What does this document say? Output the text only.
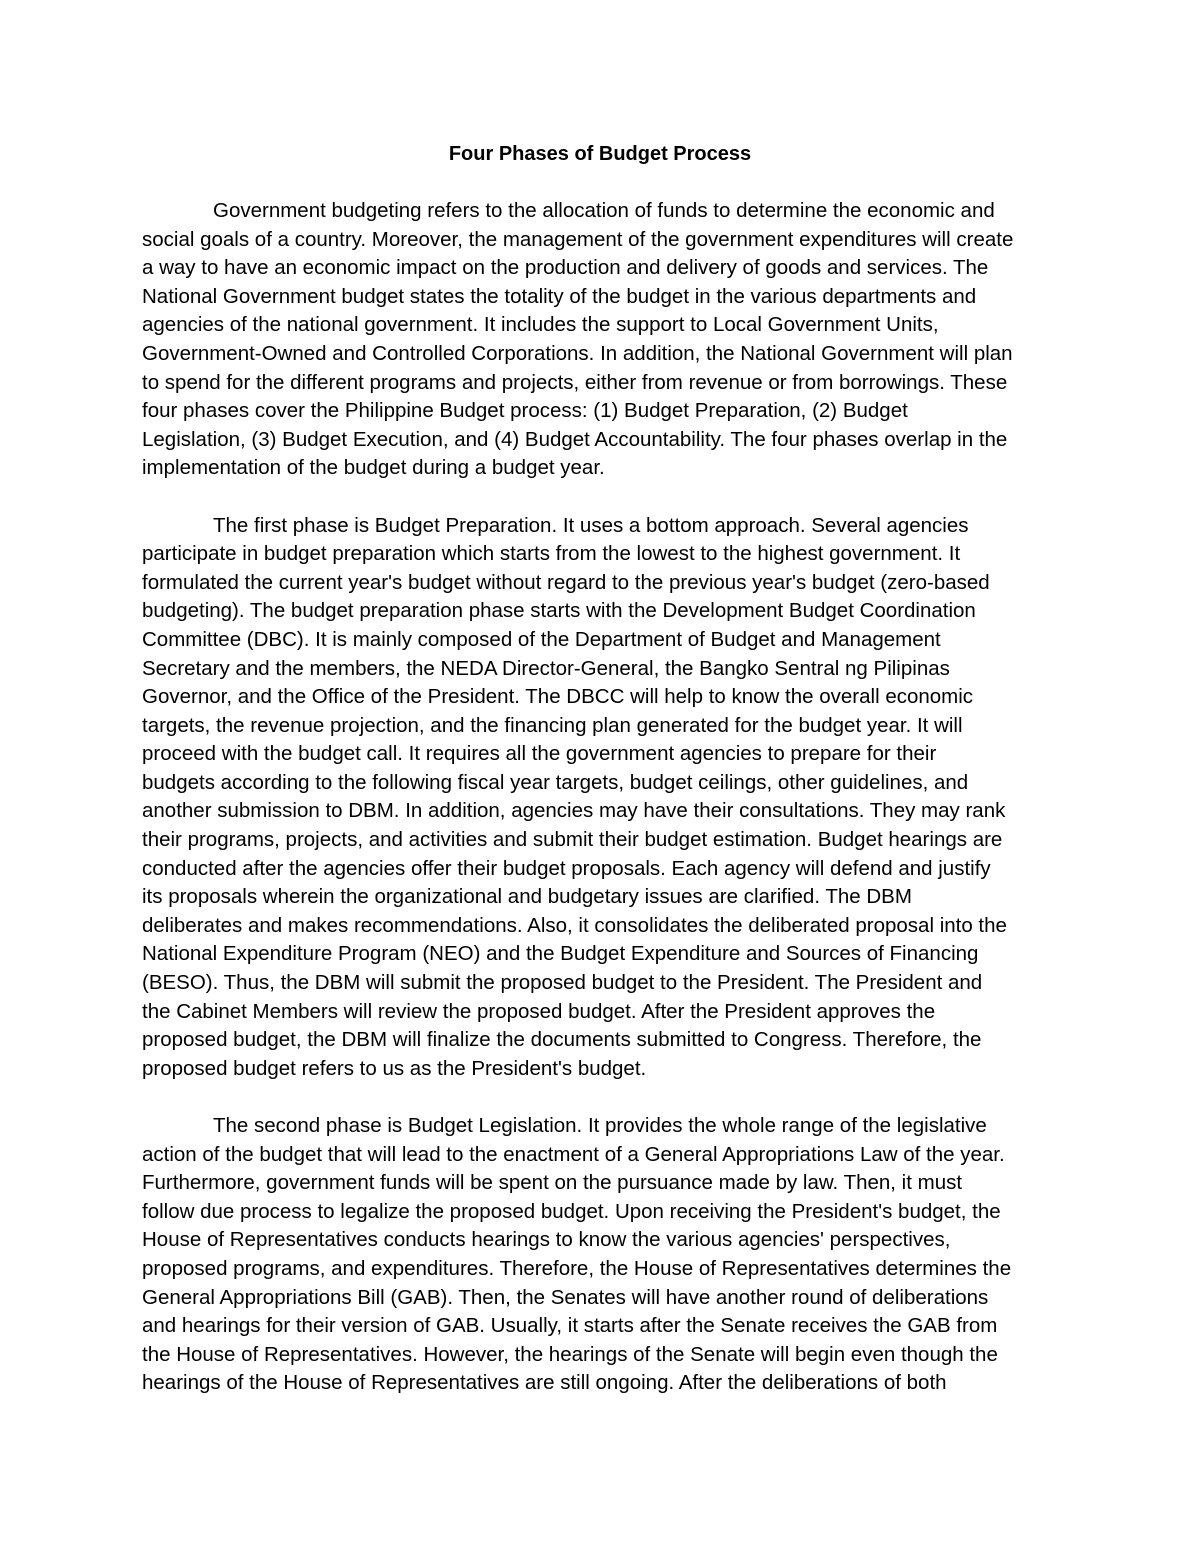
Four Phases of Budget Process
Government budgeting refers to the allocation of funds to determine the economic and
social goals of a country. Moreover, the management of the government expenditures will create
a way to have an economic impact on the production and delivery of goods and services. The
National Government budget states the totality of the budget in the various departments and
agencies of the national government. It includes the support to Local Government Units,
Government-Owned and Controlled Corporations. In addition, the National Government will plan
to spend for the different programs and projects, either from revenue or from borrowings. These
four phases cover the Philippine Budget process: (1) Budget Preparation, (2) Budget
Legislation, (3) Budget Execution, and (4) Budget Accountability. The four phases overlap in the
implementation of the budget during a budget year.
The first phase is Budget Preparation. It uses a bottom approach. Several agencies
participate in budget preparation which starts from the lowest to the highest government. It
formulated the current year's budget without regard to the previous year's budget (zero-based
budgeting). The budget preparation phase starts with the Development Budget Coordination
Committee (DBC). It is mainly composed of the Department of Budget and Management
Secretary and the members, the NEDA Director-General, the Bangko Sentral ng Pilipinas
Governor, and the Office of the President. The DBCC will help to know the overall economic
targets, the revenue projection, and the financing plan generated for the budget year. It will
proceed with the budget call. It requires all the government agencies to prepare for their
budgets according to the following fiscal year targets, budget ceilings, other guidelines, and
another submission to DBM. In addition, agencies may have their consultations. They may rank
their programs, projects, and activities and submit their budget estimation. Budget hearings are
conducted after the agencies offer their budget proposals. Each agency will defend and justify
its proposals wherein the organizational and budgetary issues are clarified. The DBM
deliberates and makes recommendations. Also, it consolidates the deliberated proposal into the
National Expenditure Program (NEO) and the Budget Expenditure and Sources of Financing
(BESO). Thus, the DBM will submit the proposed budget to the President. The President and
the Cabinet Members will review the proposed budget. After the President approves the
proposed budget, the DBM will finalize the documents submitted to Congress. Therefore, the
proposed budget refers to us as the President's budget.
The second phase is Budget Legislation. It provides the whole range of the legislative
action of the budget that will lead to the enactment of a General Appropriations Law of the year.
Furthermore, government funds will be spent on the pursuance made by law. Then, it must
follow due process to legalize the proposed budget. Upon receiving the President's budget, the
House of Representatives conducts hearings to know the various agencies' perspectives,
proposed programs, and expenditures. Therefore, the House of Representatives determines the
General Appropriations Bill (GAB). Then, the Senates will have another round of deliberations
and hearings for their version of GAB. Usually, it starts after the Senate receives the GAB from
the House of Representatives. However, the hearings of the Senate will begin even though the
hearings of the House of Representatives are still ongoing. After the deliberations of both
